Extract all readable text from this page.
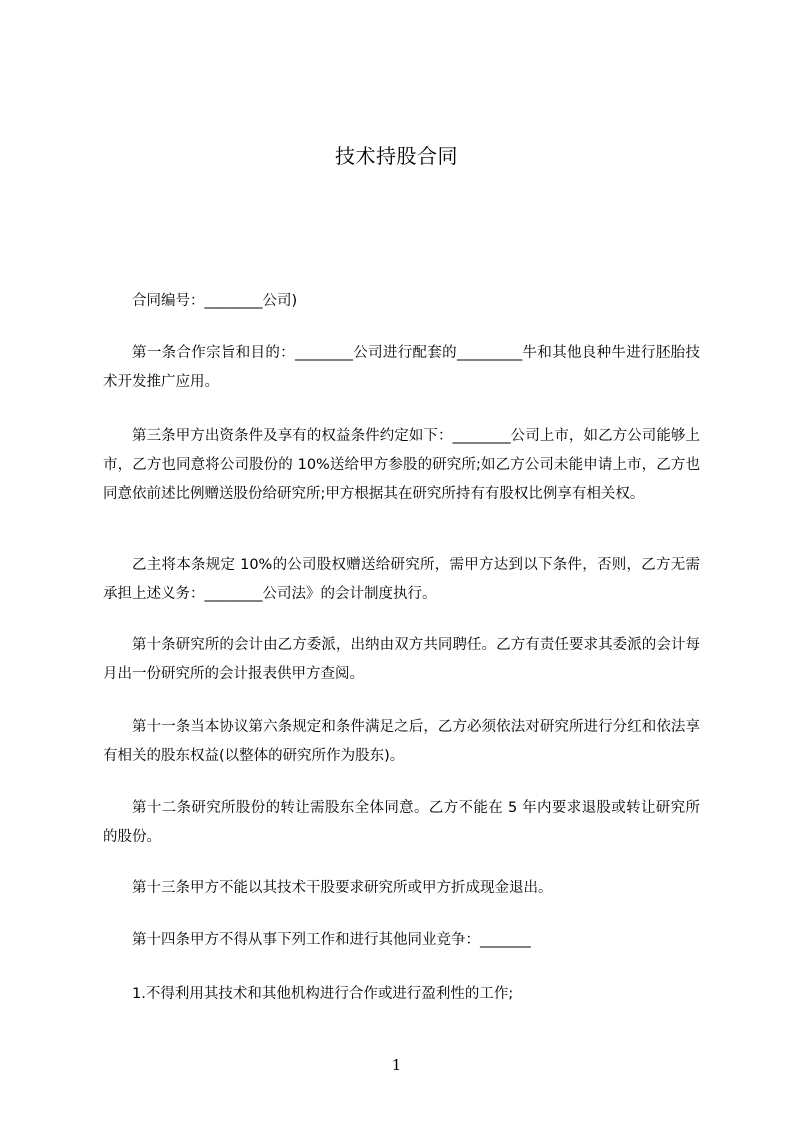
技术持股合同

合同编号：________公司)

第一条合作宗旨和目的：________公司进行配套的_________牛和其他良种牛进行胚胎技术开发推广应用。

第三条甲方出资条件及享有的权益条件约定如下：________公司上市，如乙方公司能够上市，乙方也同意将公司股份的 10%送给甲方参股的研究所;如乙方公司未能申请上市，乙方也同意依前述比例赠送股份给研究所;甲方根据其在研究所持有有股权比例享有相关权。

乙主将本条规定 10%的公司股权赠送给研究所，需甲方达到以下条件，否则，乙方无需承担上述义务：________公司法》的会计制度执行。

第十条研究所的会计由乙方委派，出纳由双方共同聘任。乙方有责任要求其委派的会计每月出一份研究所的会计报表供甲方查阅。

第十一条当本协议第六条规定和条件满足之后，乙方必须依法对研究所进行分红和依法享有相关的股东权益(以整体的研究所作为股东)。

第十二条研究所股份的转让需股东全体同意。乙方不能在 5 年内要求退股或转让研究所的股份。

第十三条甲方不能以其技术干股要求研究所或甲方折成现金退出。

第十四条甲方不得从事下列工作和进行其他同业竞争：_______

1.不得利用其技术和其他机构进行合作或进行盈利性的工作;

1
